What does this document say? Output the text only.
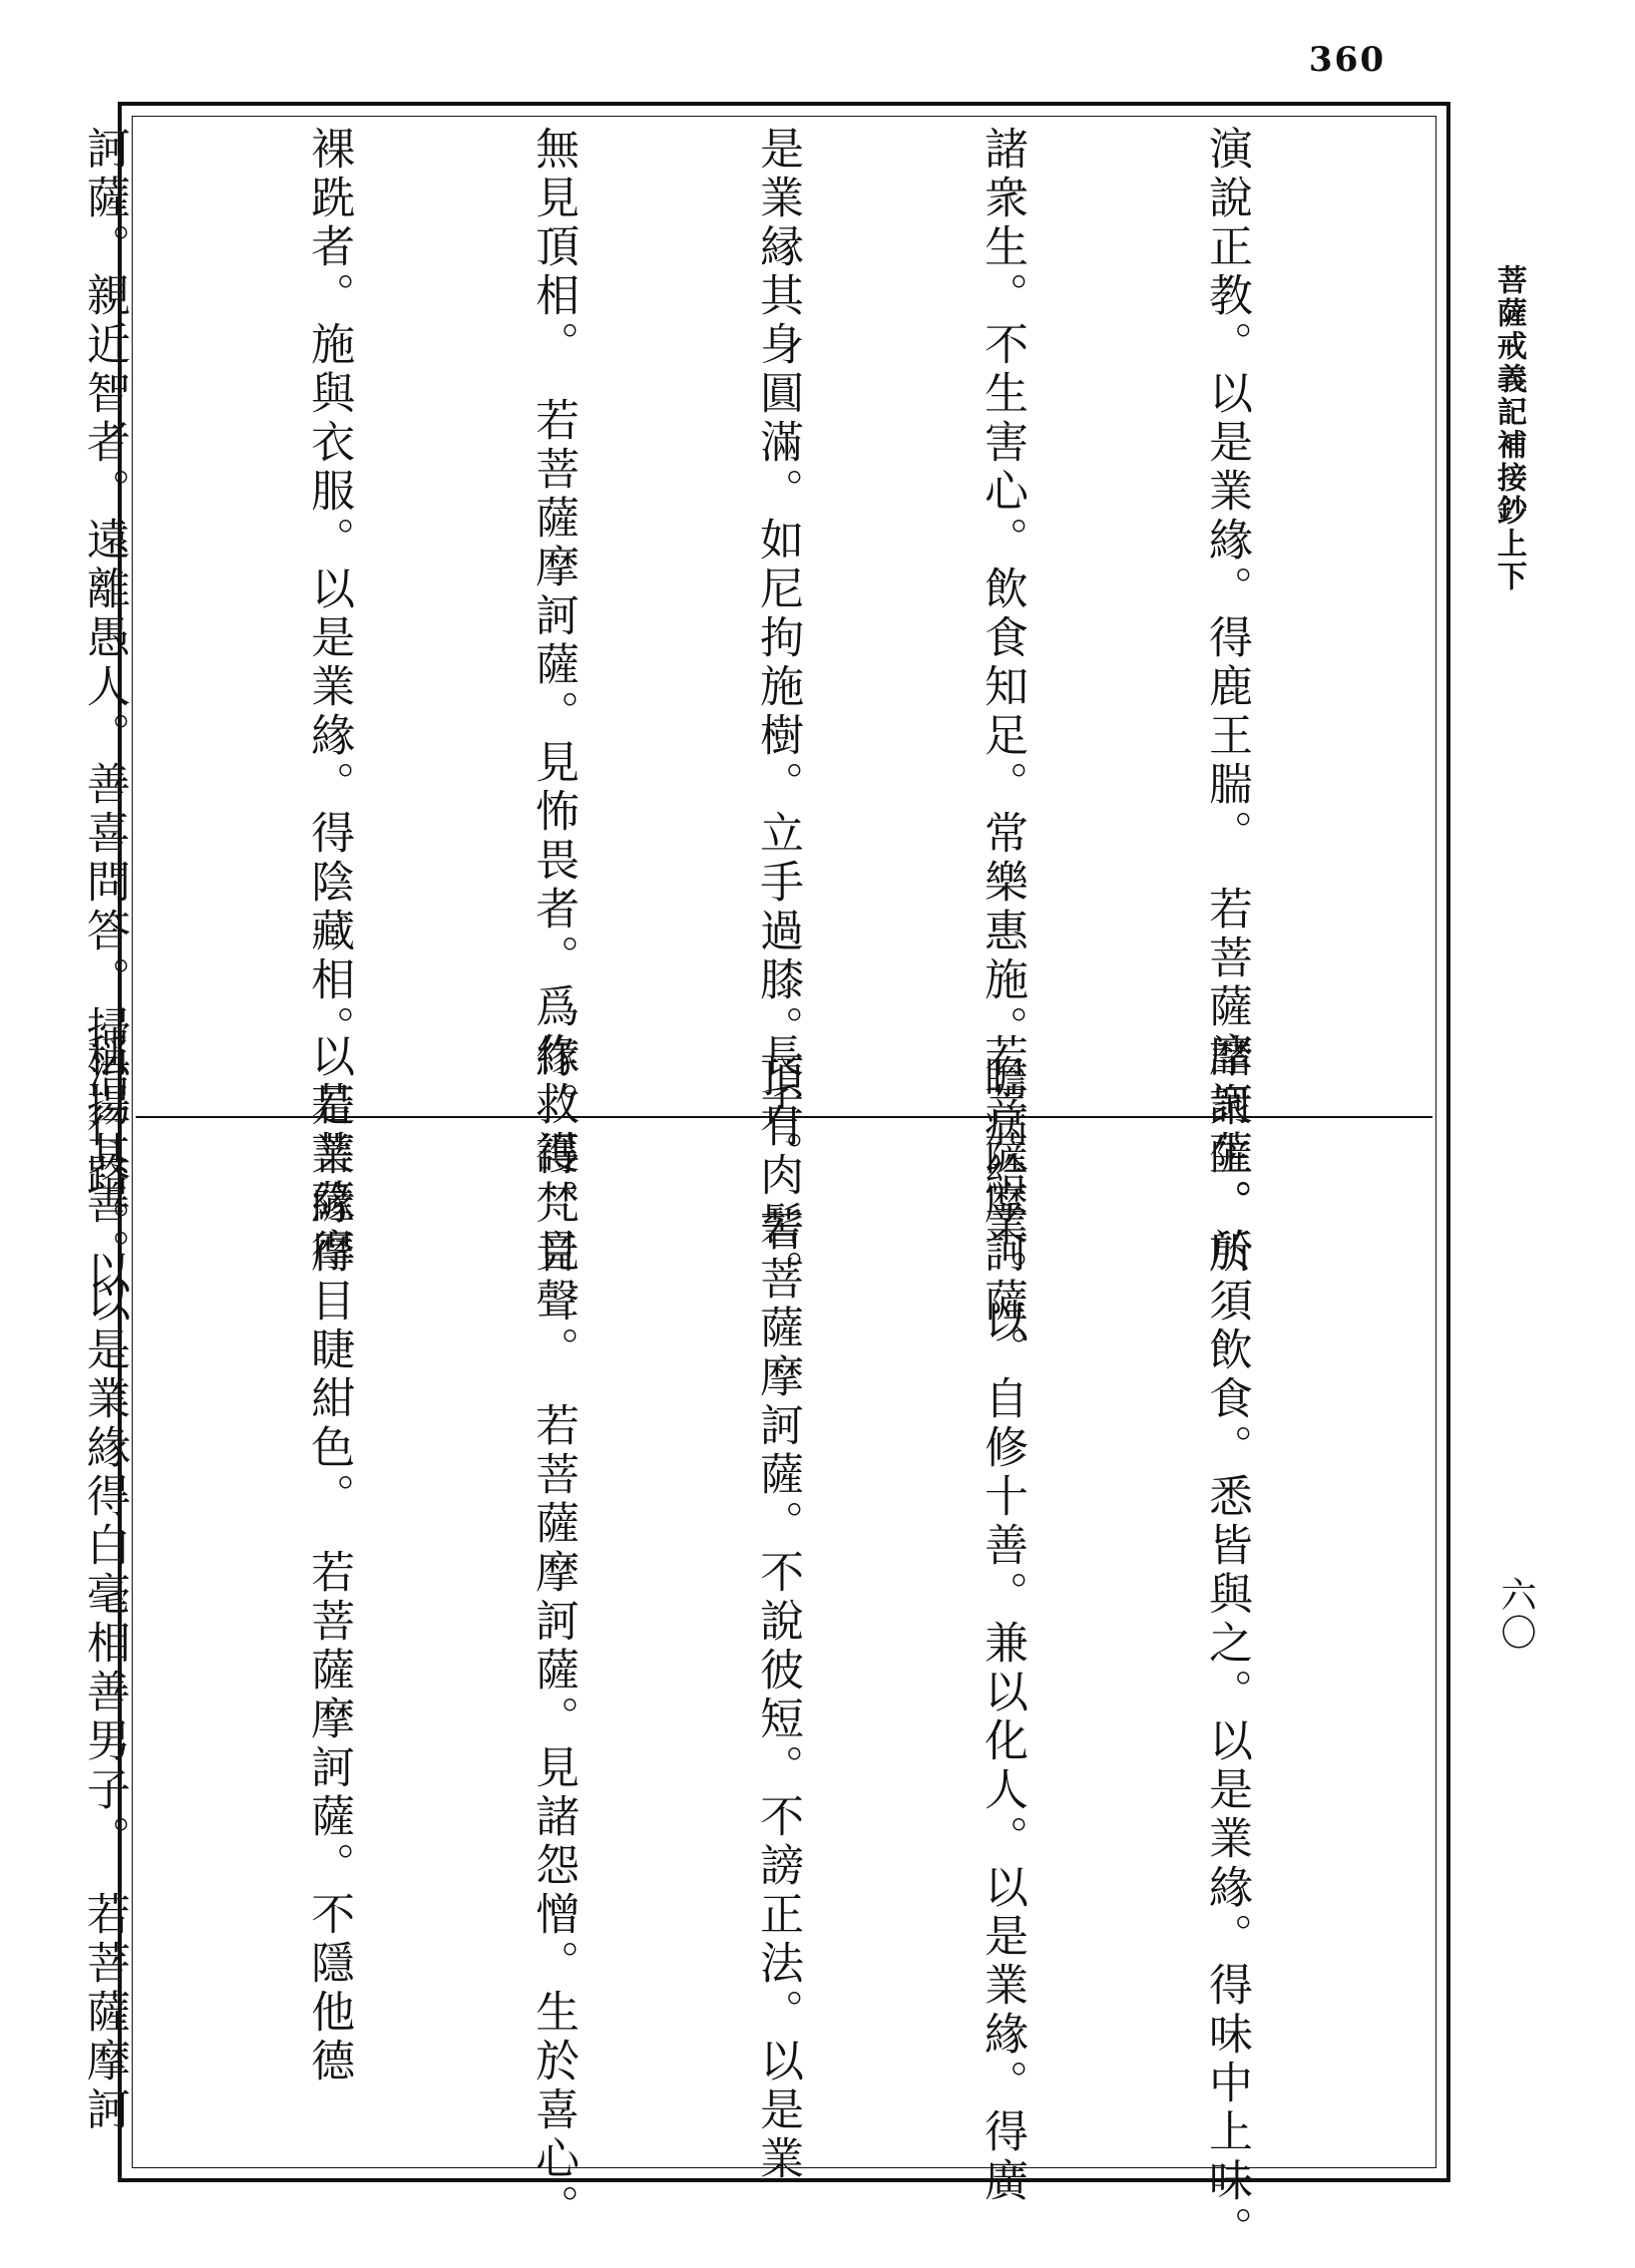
360
菩薩戒義記補接鈔上下
六〇

演說正教。以是業緣。得鹿王腨。　若菩薩摩訶薩。於

諸衆生。不生害心。飲食知足。常樂惠施。瞻病給業。以

是業縁其身圓滿。如尼拘施樹。立手過膝。頂有肉髻。

無見頂相。　若菩薩摩訶薩。見怖畏者。爲作救護。見

裸跣者。施與衣服。以是業緣。得陰藏相。　若菩薩摩

訶薩。親近智者。遠離愚人。善喜問答。掃治行路。以

諸衆生。所須飲食。悉皆與之。以是業緣。得味中上味。

若菩薩摩訶薩。自修十善。兼以化人。以是業緣。得廣

長舌。　若菩薩摩訶薩。不說彼短。不謗正法。以是業

緣。得梵音聲。　若菩薩摩訶薩。見諸怨憎。生於喜心。

以是業緣得目睫紺色。　若菩薩摩訶薩。不隱他德

稱揚其善。以是業緣得白毫相善男子。　若菩薩摩訶
